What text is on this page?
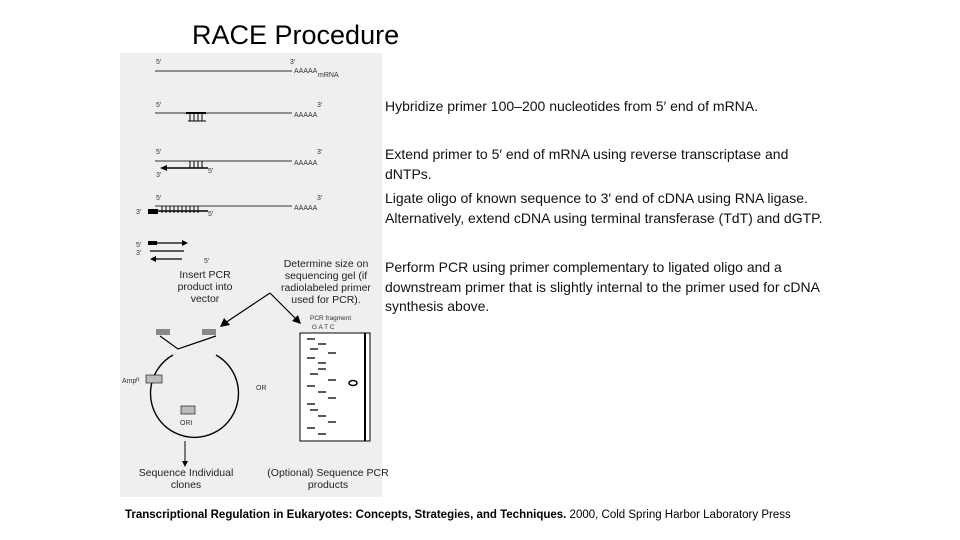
RACE Procedure
5′	3′
AAAAA
mRNA
5′	3′
AAAAA
5′	3′
AAAAA
3′
5′
5′	3′
AAAAA
3′	5′
5′
3′
5′
Ampᴿ
ORI
OR
PCR fragment
G A T C
Insert PCR product into vector
Determine size on sequencing gel (if radiolabeled primer used for PCR).
Sequence Individual clones
(Optional) Sequence PCR products
Hybridize primer 100–200 nucleotides from 5′ end of mRNA.
Extend primer to 5′ end of mRNA using reverse transcriptase and dNTPs.
Ligate oligo of known sequence to 3′ end of cDNA using RNA ligase. Alternatively, extend cDNA using terminal transferase (TdT) and dGTP.
Perform PCR using primer complementary to ligated oligo and a downstream primer that is slightly internal to the primer used for cDNA synthesis above.
Transcriptional Regulation in Eukaryotes: Concepts, Strategies, and Techniques. 2000, Cold Spring Harbor Laboratory Press
